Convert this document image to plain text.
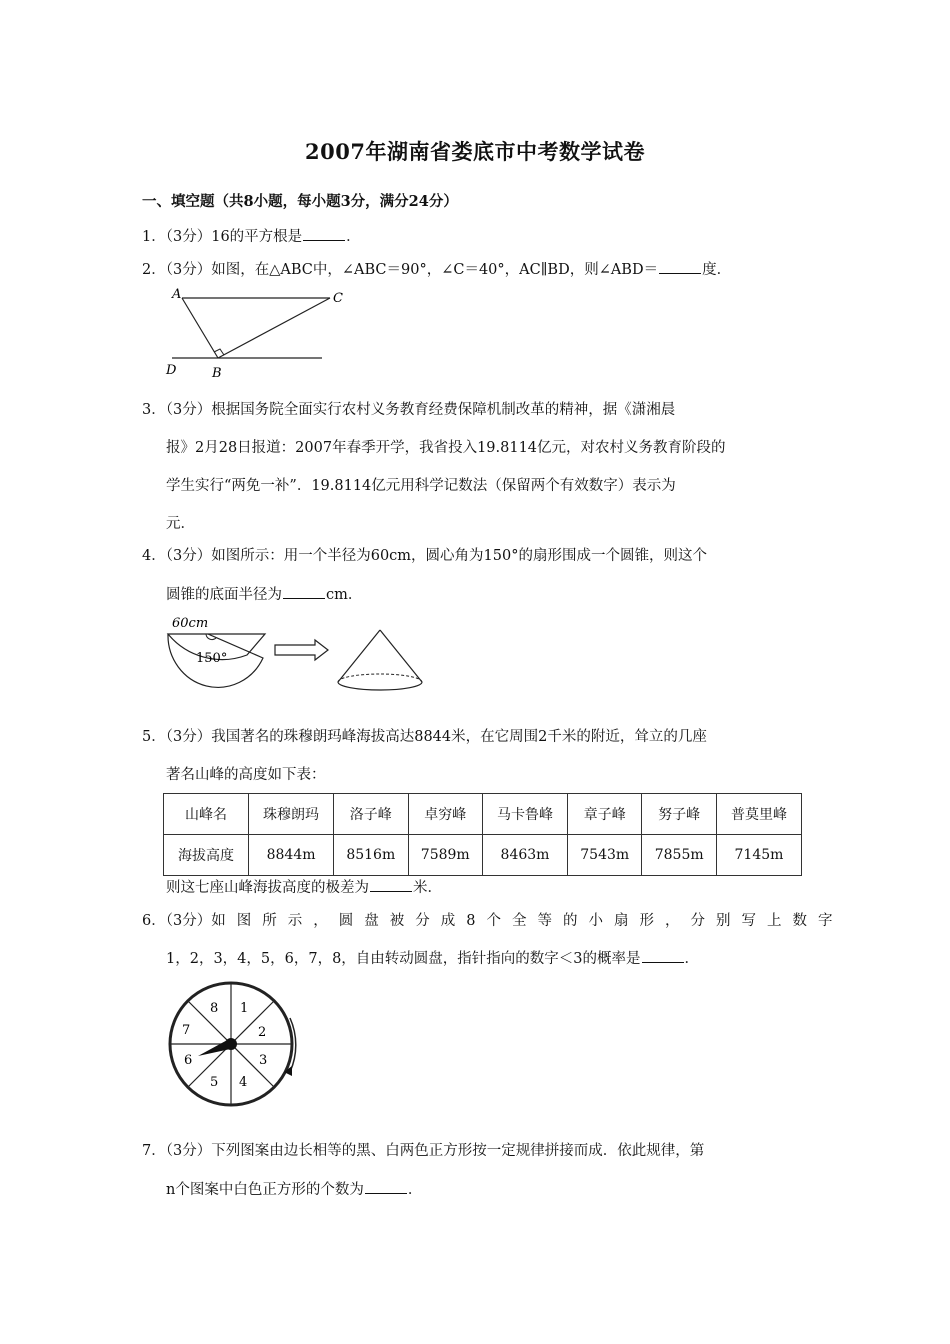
2007年湖南省娄底市中考数学试卷
一、填空题（共8小题，每小题3分，满分24分）
1．（3分）16的平方根是	．
2．（3分）如图，在△ABC中，∠ABC＝90°，∠C＝40°，AC∥BD，则∠ABD＝	度．
A	C
D	B
3．（3分）根据国务院全面实行农村义务教育经费保障机制改革的精神，据《潇湘晨
报》2月28日报道：2007年春季开学，我省投入19.8114亿元，对农村义务教育阶段的
学生实行“两免一补”．19.8114亿元用科学记数法（保留两个有效数字）表示为
元．
4．（3分）如图所示：用一个半径为60cm，圆心角为150°的扇形围成一个圆锥，则这个
圆锥的底面半径为	cm．
60cm
150°
5．（3分）我国著名的珠穆朗玛峰海拔高达8844米，在它周围2千米的附近，耸立的几座
著名山峰的高度如下表：
山峰名	珠穆朗玛	洛子峰	卓穷峰	马卡鲁峰	章子峰	努子峰	普莫里峰
海拔高度	8844m	8516m	7589m	8463m	7543m	7855m	7145m
则这七座山峰海拔高度的极差为	米．
6．（3分）如图所示，圆盘被分成8个全等的小扇形，分别写上数字
1，2，3，4，5，6，7，8，自由转动圆盘，指针指向的数字＜3的概率是	．
1
2
3
4
5
6
7
8
7．（3分）下列图案由边长相等的黑、白两色正方形按一定规律拼接而成．依此规律，第
n个图案中白色正方形的个数为	．
